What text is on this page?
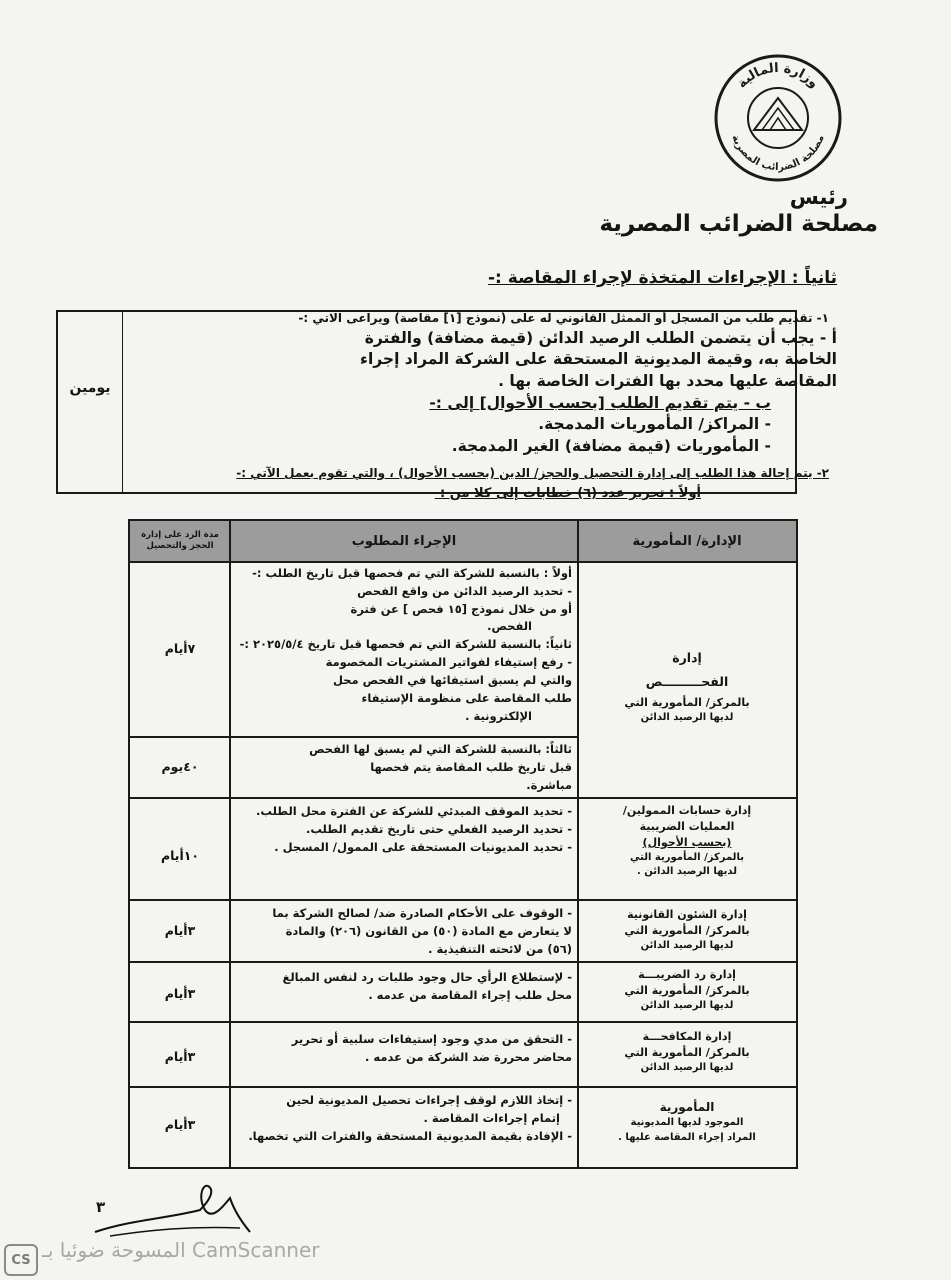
وزارة المالية
مصلحة الضرائب المصرية
رئيس
مصلحة الضرائب المصرية
ثانياً : الإجراءات المتخذة لإجراء المقاصة :-
يومين
١- تقديم طلب من المسجل أو الممثل القانوني له على (نموذج [١] مقاصة) ويراعى الاتي :-
أ - يجب أن يتضمن الطلب الرصيد الدائن (قيمة مضافة) والفترة
الخاصة به، وقيمة المديونية المستحقة على الشركة المراد إجراء
المقاصة عليها محدد بها الفترات الخاصة بها .
ب - يتم تقديم الطلب [بحسب الأحوال] إلى :-
- المراكز/ المأموريات المدمجة.
- المأموريات (قيمة مضافة) الغير المدمجة.
٢- يتم إحالة هذا الطلب إلى إدارة التحصيل والحجز/ الدين (بحسب الأحوال) ، والتي تقوم بعمل الآتي :-
أولاً : تحرير عدد (٦) خطابات إلى كلا من :-
مدة الرد على إدارة الحجز والتحصيل	الإجراء المطلوب	الإدارة/ المأمورية
إدارة
الفحـــــــــص
بالمركز/ المأمورية التي
لديها الرصيد الدائن
أولاً : بالنسبة للشركة التي تم فحصها قبل تاريخ الطلب :-
- تحديد الرصيد الدائن من واقع الفحص
أو من خلال نموذج [١٥ فحص ] عن فترة
الفحص.
ثانياً: بالنسبة للشركة التي تم فحصها قبل تاريخ ٢٠٢٥/٥/٤ :-
- رفع إستيفاء لفواتير المشتريات المخصومة
والتي لم يسبق استيفائها في الفحص محل
طلب المقاصة على منظومة الإستيفاء
الإلكترونية .
٧أيام
ثالثاً: بالنسبة للشركة التي لم يسبق لها الفحص
قبل تاريخ طلب المقاصة يتم فحصها
مباشرة.
٤٠يوم
إدارة حسابات الممولين/
العمليات الضريبية
(بحسب الأحوال)
بالمركز/ المأمورية التي
لديها الرصيد الدائن .
- تحديد الموقف المبدئي للشركة عن الفترة محل الطلب.
- تحديد الرصيد الفعلي حتى تاريخ تقديم الطلب.
- تحديد المديونيات المستحقة على الممول/ المسجل .
١٠أيام
إدارة الشئون القانونية
بالمركز/ المأمورية التي
لديها الرصيد الدائن
- الوقوف على الأحكام الصادرة ضد/ لصالح الشركة بما
لا يتعارض مع المادة (٥٠) من القانون (٢٠٦) والمادة
(٥٦) من لائحته التنفيذية .
٣أيام
إدارة رد الضريبـــة
بالمركز/ المأمورية التي
لديها الرصيد الدائن
- لإستطلاع الرأي حال وجود طلبات رد لنفس المبالغ
محل طلب إجراء المقاصة من عدمه .
٣أيام
إدارة المكافحـــة
بالمركز/ المأمورية التي
لديها الرصيد الدائن
- التحقق من مدي وجود إستيفاءات سلبية أو تحرير
محاضر محررة ضد الشركة من عدمه .
٣أيام
المأمورية
الموجود لديها المديونية
المراد إجراء المقاصة عليها .
- إتخاذ اللازم لوقف إجراءات تحصيل المديونية لحين
إتمام إجراءات المقاصة .
- الإفادة بقيمة المديونية المستحقة والفترات التي تخصها.
٣أيام
٣
CS المسوحة ضوئيا بـ CamScanner
